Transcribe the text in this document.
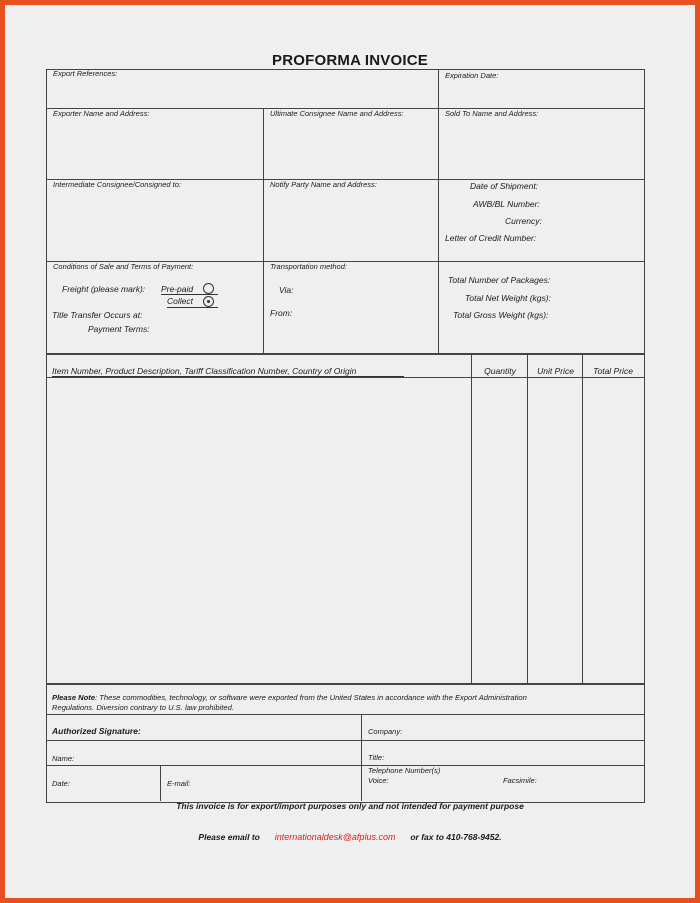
PROFORMA INVOICE
Export References:	Expiration Date:
Exporter Name and Address:	Ultimate Consignee Name and Address:	Sold To Name and Address:
Intermediate Consignee/Consigned to:	Notify Party Name and Address:	Date of Shipment:
AWB/BL Number:
Currency:
Letter of Credit Number:
Conditions of Sale and Terms of Payment:
Freight (please mark): Pre-paid
Collect
Title Transfer Occurs at:
Payment Terms:
Transportation method:
Via:
From:
Total Number of Packages:
Total Net Weight (kgs):
Total Gross Weight (kgs):
Item Number, Product Description, Tariff Classification Number, Country of Origin	Quantity	Unit Price	Total Price
Please Note: These commodities, technology, or software were exported from the United States in accordance with the Export Administration
Regulations. Diversion contrary to U.S. law prohibited.
Authorized Signature:	Company:
Name:	Title:
Date:	E-mail:
Telephone Number(s)
Voice:	Facsimile:
This invoice is for export/import purposes only and not intended for payment purpose
Please email to internationaldesk@afplus.com or fax to 410-768-9452.
